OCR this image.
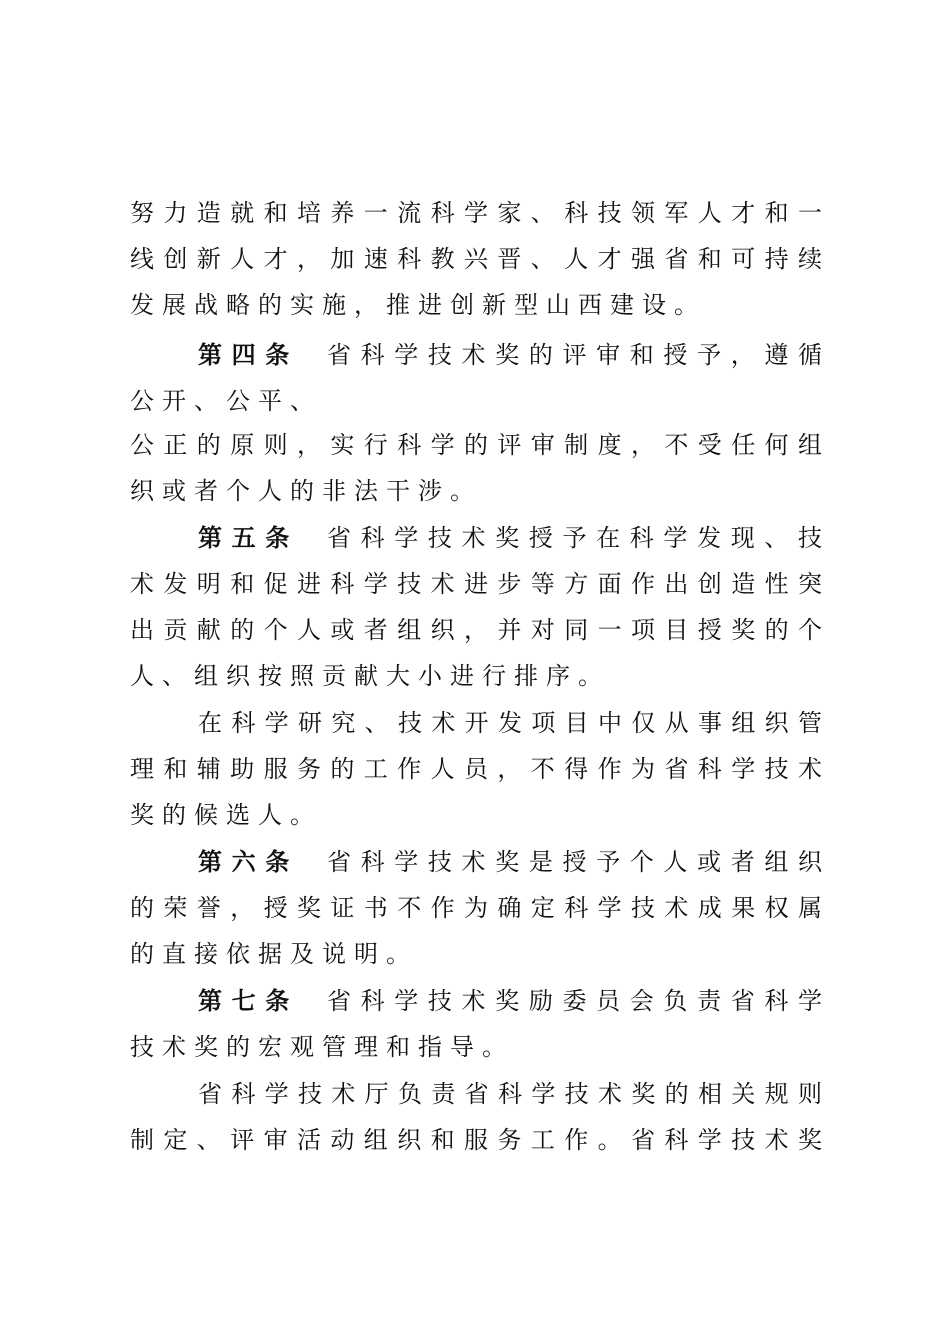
努力造就和培养一流科学家、科技领军人才和一
线创新人才，加速科教兴晋、人才强省和可持续
发展战略的实施，推进创新型山西建设。
第四条 省科学技术奖的评审和授予，遵循
公开、公平、
公正的原则，实行科学的评审制度，不受任何组
织或者个人的非法干涉。
第五条 省科学技术奖授予在科学发现、技
术发明和促进科学技术进步等方面作出创造性突
出贡献的个人或者组织，并对同一项目授奖的个
人、组织按照贡献大小进行排序。
在科学研究、技术开发项目中仅从事组织管
理和辅助服务的工作人员，不得作为省科学技术
奖的候选人。
第六条 省科学技术奖是授予个人或者组织
的荣誉，授奖证书不作为确定科学技术成果权属
的直接依据及说明。
第七条 省科学技术奖励委员会负责省科学
技术奖的宏观管理和指导。
省科学技术厅负责省科学技术奖的相关规则
制定、评审活动组织和服务工作。省科学技术奖
